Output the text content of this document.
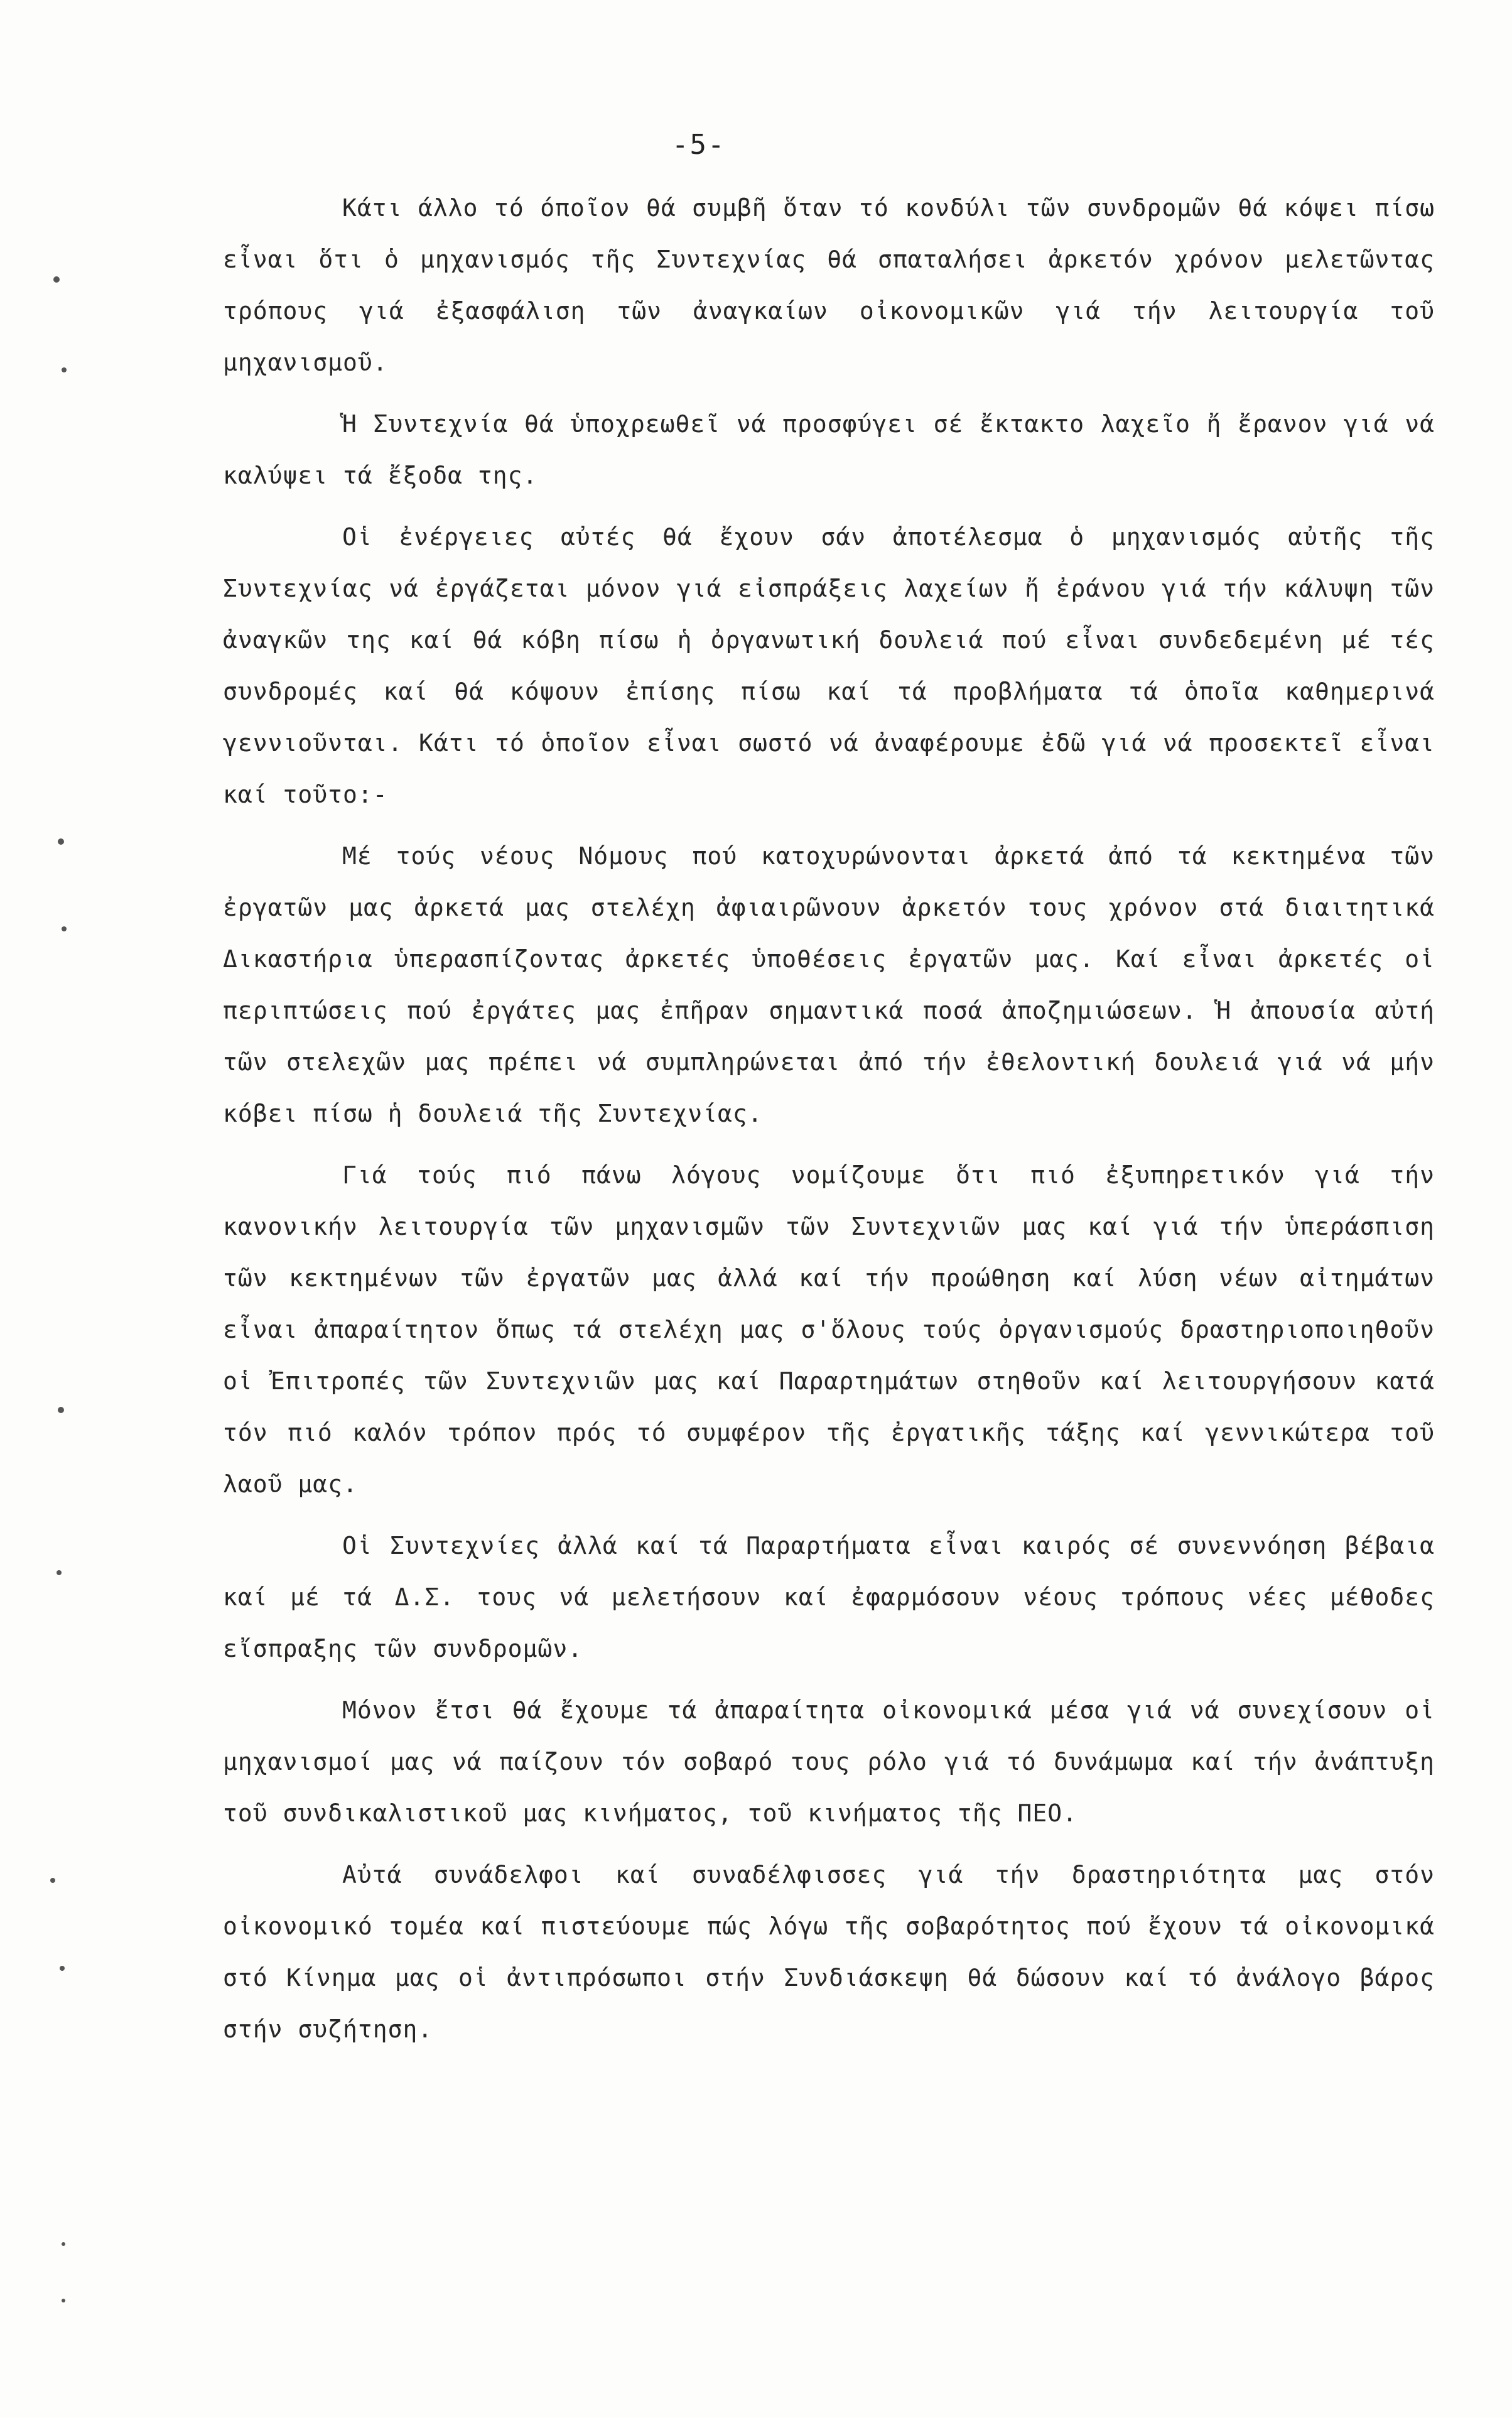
-5-

Κάτι άλλο τό όποῖον θά συμβῆ ὅταν τό κονδύλι τῶν συνδρομῶν θά κόψει πίσω εἶναι ὅτι ὁ μηχανισμός τῆς Συντεχνίας θά σπαταλήσει ἀρκετόν χρόνον μελετῶντας τρόπους γιά ἐξασφάλιση τῶν ἀναγκαίων οἰκονομικῶν γιά τήν λειτουργία τοῦ μηχανισμοῦ.

Ἡ Συντεχνία θά ὑποχρεωθεῖ νά προσφύγει σέ ἔκτακτο λαχεῖο ἤ ἔρανον γιά νά καλύψει τά ἔξοδα της.

Οἱ ἐνέργειες αὐτές θά ἔχουν σάν ἀποτέλεσμα ὁ μηχανισμός αὐτῆς τῆς Συντεχνίας νά ἐργάζεται μόνον γιά εἰσπράξεις λαχείων ἤ ἐράνου γιά τήν κάλυψη τῶν ἀναγκῶν της καί θά κόβη πίσω ἡ ὀργανωτική δουλειά πού εἶναι συνδεδεμένη μέ τές συνδρομές καί θά κόψουν ἐπίσης πίσω καί τά προβλήματα τά ὁποῖα καθημερινά γεννιοῦνται. Κάτι τό ὁποῖον εἶναι σωστό νά ἀναφέρουμε ἐδῶ γιά νά προσεκτεῖ εἶναι καί τοῦτο:-

Μέ τούς νέους Νόμους πού κατοχυρώνονται ἀρκετά ἀπό τά κεκτημένα τῶν ἐργατῶν μας ἀρκετά μας στελέχη ἀφιαιρῶνουν ἀρκετόν τους χρόνον στά διαιτητικά Δικαστήρια ὑπερασπίζοντας ἀρκετές ὑποθέσεις ἐργατῶν μας. Καί εἶναι ἀρκετές οἱ περιπτώσεις πού ἐργάτες μας ἐπῆραν σημαντικά ποσά ἀποζημιώσεων. Ἡ ἀπουσία αὐτή τῶν στελεχῶν μας πρέπει νά συμπληρώνεται ἀπό τήν ἐθελοντική δουλειά γιά νά μήν κόβει πίσω ἡ δουλειά τῆς Συντεχνίας.

Γιά τούς πιό πάνω λόγους νομίζουμε ὅτι πιό ἐξυπηρετικόν γιά τήν κανονικήν λειτουργία τῶν μηχανισμῶν τῶν Συντεχνιῶν μας καί γιά τήν ὑπεράσπιση τῶν κεκτημένων τῶν ἐργατῶν μας ἀλλά καί τήν προώθηση καί λύση νέων αἰτημάτων εἶναι ἀπαραίτητον ὅπως τά στελέχη μας σ'ὅλους τούς ὀργανισμούς δραστηριοποιηθοῦν οἱ Ἐπιτροπές τῶν Συντεχνιῶν μας καί Παραρτημάτων στηθοῦν καί λειτουργήσουν κατά τόν πιό καλόν τρόπον πρός τό συμφέρον τῆς ἐργατικῆς τάξης καί γεννικώτερα τοῦ λαοῦ μας.

Οἱ Συντεχνίες ἀλλά καί τά Παραρτήματα εἶναι καιρός σέ συνεννόηση βέβαια καί μέ τά Δ.Σ. τους νά μελετήσουν καί ἐφαρμόσουν νέους τρόπους νέες μέθοδες εἴσπραξης τῶν συνδρομῶν.

Μόνον ἔτσι θά ἔχουμε τά ἀπαραίτητα οἰκονομικά μέσα γιά νά συνεχίσουν οἱ μηχανισμοί μας νά παίζουν τόν σοβαρό τους ρόλο γιά τό δυνάμωμα καί τήν ἀνάπτυξη τοῦ συνδικαλιστικοῦ μας κινήματος, τοῦ κινήματος τῆς ΠΕΟ.

Αὐτά συνάδελφοι καί συναδέλφισσες γιά τήν δραστηριότητα μας στόν οἰκονομικό τομέα καί πιστεύουμε πώς λόγω τῆς σοβαρότητος πού ἔχουν τά οἰκονομικά στό Κίνημα μας οἱ ἀντιπρόσωποι στήν Συνδιάσκεψη θά δώσουν καί τό ἀνάλογο βάρος στήν συζήτηση.
